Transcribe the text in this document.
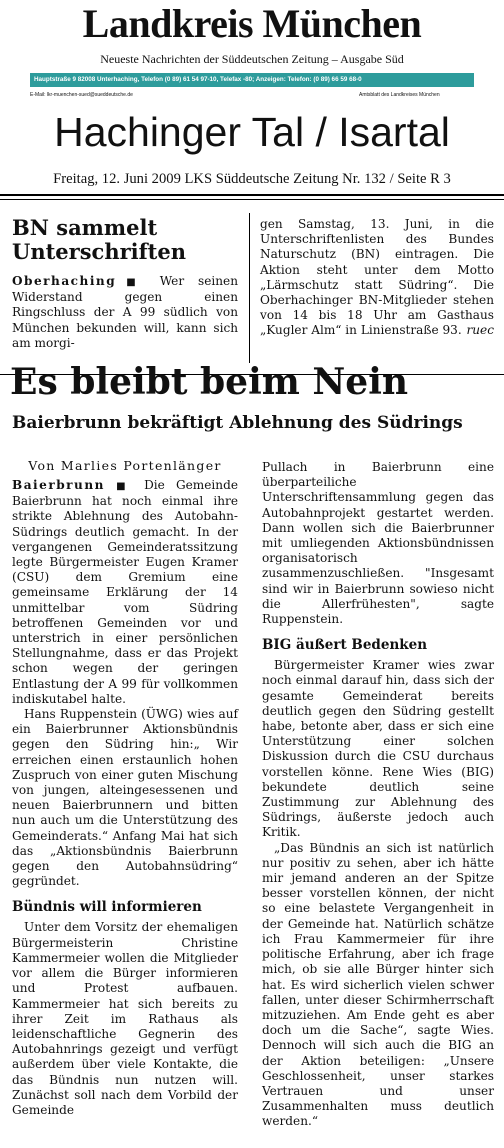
Landkreis München
Neueste Nachrichten der Süddeutschen Zeitung – Ausgabe Süd
Hauptstraße 9 82008 Unterhaching, Telefon (0 89) 61 54 97-10, Telefax -80; Anzeigen: Telefon: (0 89) 66 59 68-0
E-Mail: lkr-muenchen-sued@sueddeutsche.de	Amtsblatt des Landkreises München
Hachinger Tal / Isartal
Freitag, 12. Juni 2009 LKS Süddeutsche Zeitung Nr. 132 / Seite R 3
BN sammelt Unterschriften

Oberhaching■ Wer seinen Widerstand gegen einen Ringschluss der A 99 südlich von München bekunden will, kann sich am morgi-

gen Samstag, 13. Juni, in die Unterschriftenlisten des Bundes Naturschutz (BN) eintragen. Die Aktion steht unter dem Motto „Lärmschutz statt Südring“. Die Oberhachinger BN-Mitglieder stehen von 14 bis 18 Uhr am Gasthaus „Kugler Alm“ in Linienstraße 93. ruec

Es bleibt beim Nein
Baierbrunn bekräftigt Ablehnung des Südrings
Von Marlies Portenlänger

Baierbrunn ■ Die Gemeinde Baierbrunn hat noch einmal ihre strikte Ablehnung des Autobahn-Südrings deutlich gemacht. In der vergangenen Gemeinderatssitzung legte Bürgermeister Eugen Kramer (CSU) dem Gremium eine gemeinsame Erklärung der 14 unmittelbar vom Südring betroffenen Gemeinden vor und unterstrich in einer persönlichen Stellungnahme, dass er das Projekt schon wegen der geringen Entlastung der A 99 für vollkommen indiskutabel halte.

Hans Ruppenstein (ÜWG) wies auf ein Baierbrunner Aktionsbündnis gegen den Südring hin:„ Wir erreichen einen erstaunlich hohen Zuspruch von einer guten Mischung von jungen, alteingesessenen und neuen Baierbrunnern und bitten nun auch um die Unterstützung des Gemeinderats.“ Anfang Mai hat sich das „Aktionsbündnis Baierbrunn gegen den Autobahnsüdring“ gegründet.

Bündnis will informieren

Unter dem Vorsitz der ehemaligen Bürgermeisterin Christine Kammermeier wollen die Mitglieder vor allem die Bürger informieren und Protest aufbauen. Kammermeier hat sich bereits zu ihrer Zeit im Rathaus als leidenschaftliche Gegnerin des Autobahnrings gezeigt und verfügt außerdem über viele Kontakte, die das Bündnis nun nutzen will. Zunächst soll nach dem Vorbild der Gemeinde

Pullach in Baierbrunn eine überparteiliche Unterschriftensammlung gegen das Autobahnprojekt gestartet werden. Dann wollen sich die Baierbrunner mit umliegenden Aktionsbündnissen organisatorisch zusammenzuschließen. "Insgesamt sind wir in Baierbrunn sowieso nicht die Allerfrühesten", sagte Ruppenstein.

BIG äußert Bedenken

Bürgermeister Kramer wies zwar noch einmal darauf hin, dass sich der gesamte Gemeinderat bereits deutlich gegen den Südring gestellt habe, betonte aber, dass er sich eine Unterstützung einer solchen Diskussion durch die CSU durchaus vorstellen könne. Rene Wies (BIG) bekundete deutlich seine Zustimmung zur Ablehnung des Südrings, äußerste jedoch auch Kritik.

„Das Bündnis an sich ist natürlich nur positiv zu sehen, aber ich hätte mir jemand anderen an der Spitze besser vorstellen können, der nicht so eine belastete Vergangenheit in der Gemeinde hat. Natürlich schätze ich Frau Kammermeier für ihre politische Erfahrung, aber ich frage mich, ob sie alle Bürger hinter sich hat. Es wird sicherlich vielen schwer fallen, unter dieser Schirmherrschaft mitzuziehen. Am Ende geht es aber doch um die Sache“, sagte Wies. Dennoch will sich auch die BIG an der Aktion beteiligen: „Unsere Geschlossenheit, unser starkes Vertrauen und unser Zusammenhalten muss deutlich werden.“
